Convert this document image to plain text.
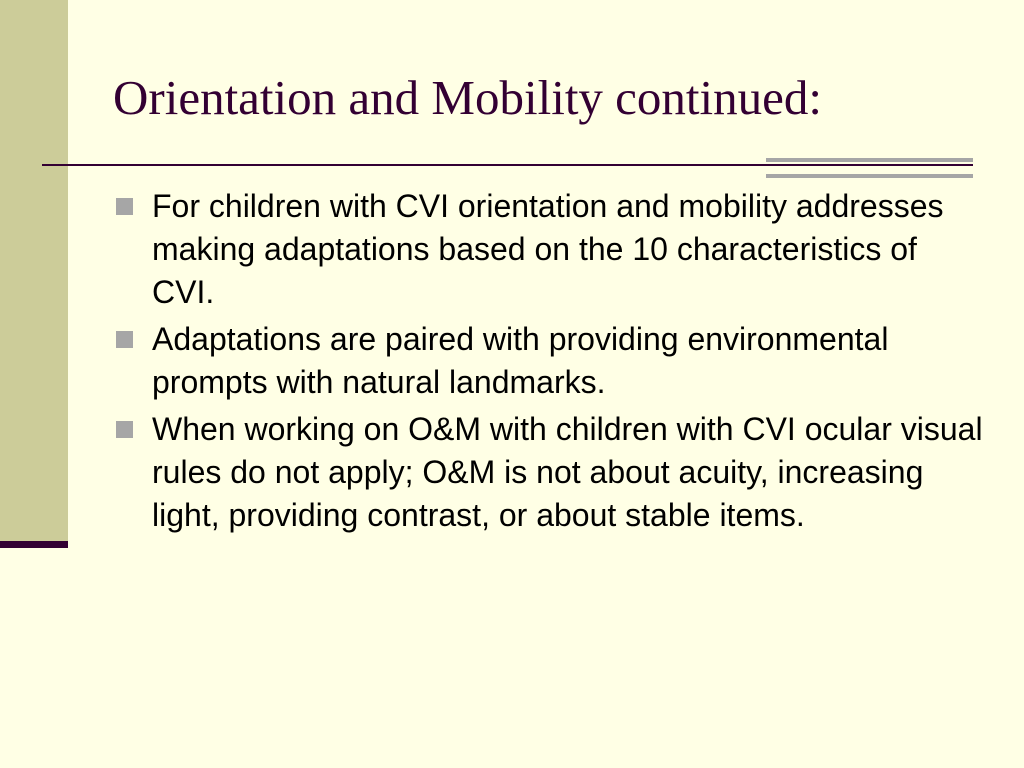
Orientation and Mobility continued:
For children with CVI orientation and mobility addresses making adaptations based on the 10 characteristics of CVI.
Adaptations are paired with providing environmental prompts with natural landmarks.
When working on O&M with children with CVI ocular visual rules do not apply; O&M is not about acuity, increasing light, providing contrast, or about stable items.
